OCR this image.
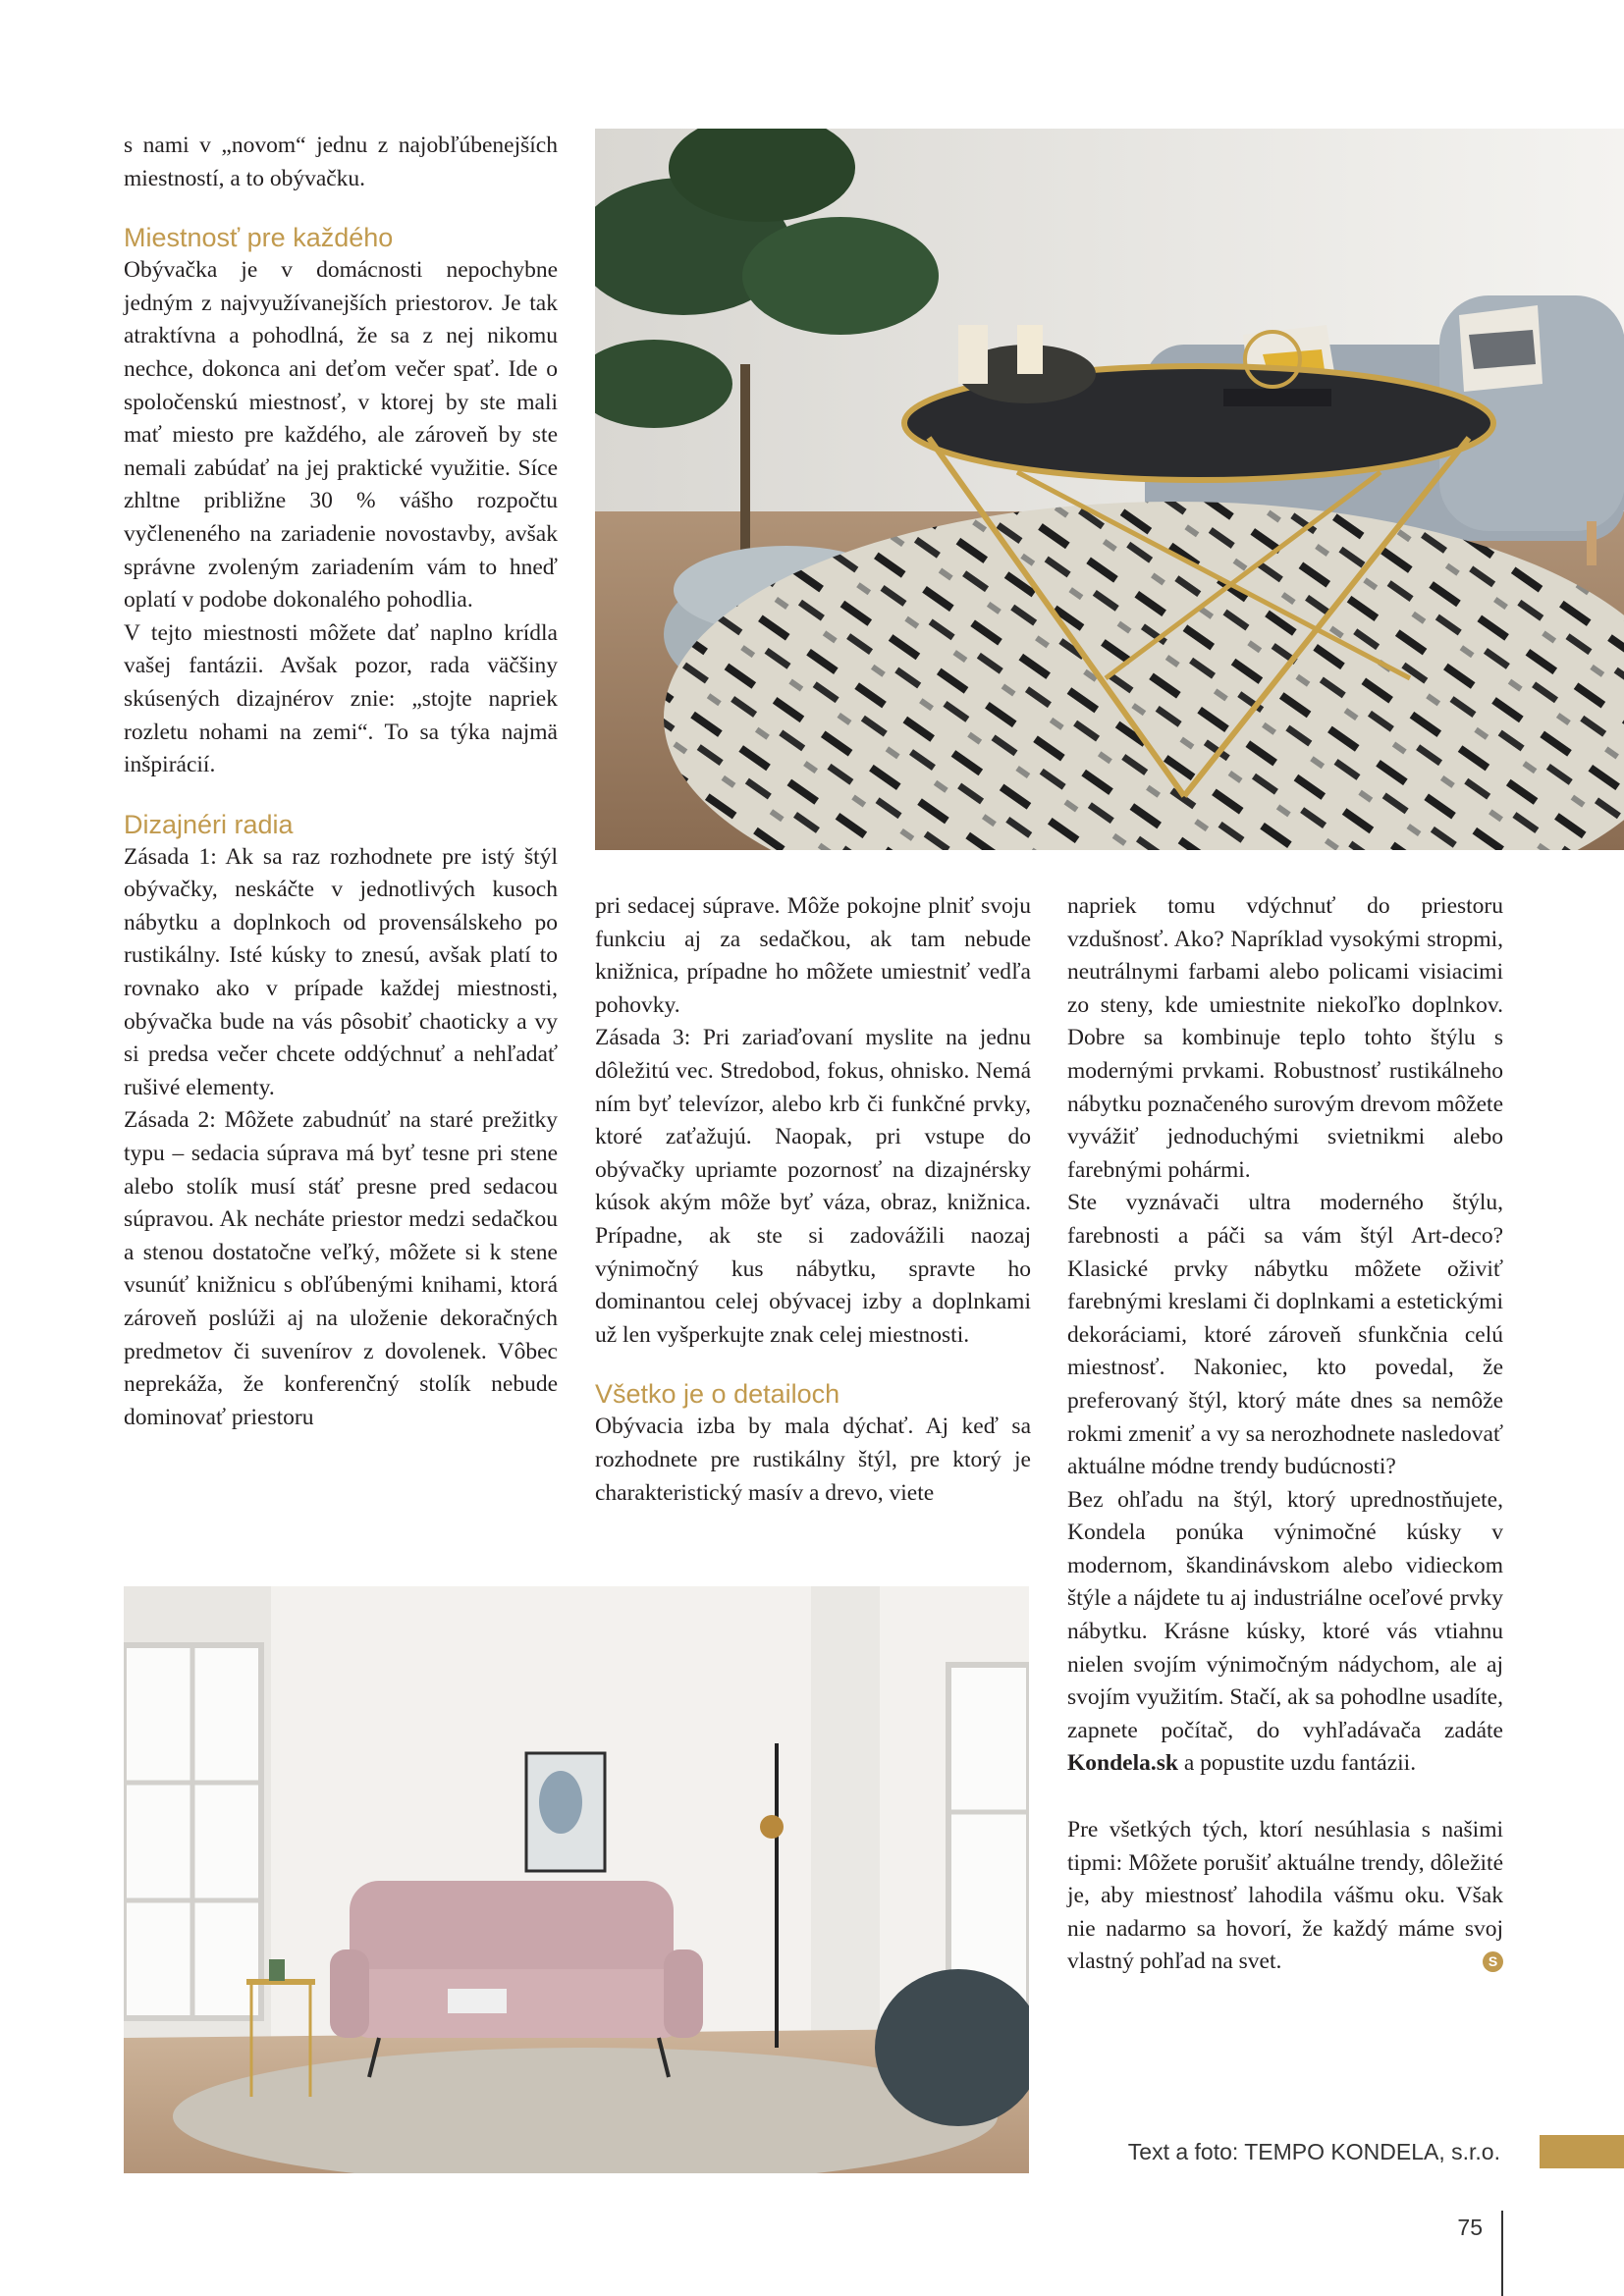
s nami v „novom“ jednu z najobľúbenejších miestností, a to obývačku.

Miestnosť pre každého

Obývačka je v domácnosti nepochybne jedným z najvyužívanejších priestorov. Je tak atraktívna a pohodlná, že sa z nej nikomu nechce, dokonca ani deťom večer spať. Ide o spoločenskú miestnosť, v ktorej by ste mali mať miesto pre každého, ale zároveň by ste nemali zabúdať na jej praktické využitie. Síce zhltne približne 30 % vášho rozpočtu vyčleneného na zariadenie novostavby, avšak správne zvoleným zariadením vám to hneď oplatí v podobe dokonalého pohodlia.

V tejto miestnosti môžete dať naplno krídla vašej fantázii. Avšak pozor, rada väčšiny skúsených dizajnérov znie: „stojte napriek rozletu nohami na zemi“. To sa týka najmä inšpirácií.

Dizajnéri radia

Zásada 1: Ak sa raz rozhodnete pre istý štýl obývačky, neskáčte v jednotlivých kusoch nábytku a doplnkoch od provensálskeho po rustikálny. Isté kúsky to znesú, avšak platí to rovnako ako v prípade každej miestnosti, obývačka bude na vás pôsobiť chaoticky a vy si predsa večer chcete oddýchnuť a nehľadať rušivé elementy.

Zásada 2: Môžete zabudnúť na staré prežitky typu – sedacia súprava má byť tesne pri stene alebo stolík musí stáť presne pred sedacou súpravou. Ak necháte priestor medzi sedačkou a stenou dostatočne veľký, môžete si k stene vsunúť knižnicu s obľúbenými knihami, ktorá zároveň poslúži aj na uloženie dekoračných predmetov či suvenírov z dovolenek. Vôbec neprekáža, že konferenčný stolík nebude dominovať priestoru

pri sedacej súprave. Môže pokojne plniť svoju funkciu aj za sedačkou, ak tam nebude knižnica, prípadne ho môžete umiestniť vedľa pohovky.

Zásada 3: Pri zariaďovaní myslite na jednu dôležitú vec. Stredobod, fokus, ohnisko. Nemá ním byť televízor, alebo krb či funkčné prvky, ktoré zaťažujú. Naopak, pri vstupe do obývačky upriamte pozornosť na dizajnérsky kúsok akým môže byť váza, obraz, knižnica. Prípadne, ak ste si zadovážili naozaj výnimočný kus nábytku, spravte ho dominantou celej obývacej izby a doplnkami už len vyšperkujte znak celej miestnosti.

Všetko je o detailoch

Obývacia izba by mala dýchať. Aj keď sa rozhodnete pre rustikálny štýl, pre ktorý je charakteristický masív a drevo, viete

napriek tomu vdýchnuť do priestoru vzdušnosť. Ako? Napríklad vysokými stropmi, neutrálnymi farbami alebo policami visiacimi zo steny, kde umiestnite niekoľko doplnkov. Dobre sa kombinuje teplo tohto štýlu s modernými prvkami. Robustnosť rustikálneho nábytku poznačeného surovým drevom môžete vyvážiť jednoduchými svietnikmi alebo farebnými pohármi.

Ste vyznávači ultra moderného štýlu, farebnosti a páči sa vám štýl Art-deco? Klasické prvky nábytku môžete oživiť farebnými kreslami či doplnkami a estetickými dekoráciami, ktoré zároveň sfunkčnia celú miestnosť. Nakoniec, kto povedal, že preferovaný štýl, ktorý máte dnes sa nemôže rokmi zmeniť a vy sa nerozhodnete nasledovať aktuálne módne trendy budúcnosti?

Bez ohľadu na štýl, ktorý uprednostňujete, Kondela ponúka výnimočné kúsky v modernom, škandinávskom alebo vidieckom štýle a nájdete tu aj industriálne oceľové prvky nábytku. Krásne kúsky, ktoré vás vtiahnu nielen svojím výnimočným nádychom, ale aj svojím využitím. Stačí, ak sa pohodlne usadíte, zapnete počítač, do vyhľadávača zadáte Kondela.sk a popustite uzdu fantázii.

Pre všetkých tých, ktorí nesúhlasia s našimi tipmi: Môžete porušiť aktuálne trendy, dôležité je, aby miestnosť lahodila vášmu oku. Však nie nadarmo sa hovorí, že každý máme svoj vlastný pohľad na svet.	S

Text a foto: TEMPO KONDELA, s.r.o.
75
